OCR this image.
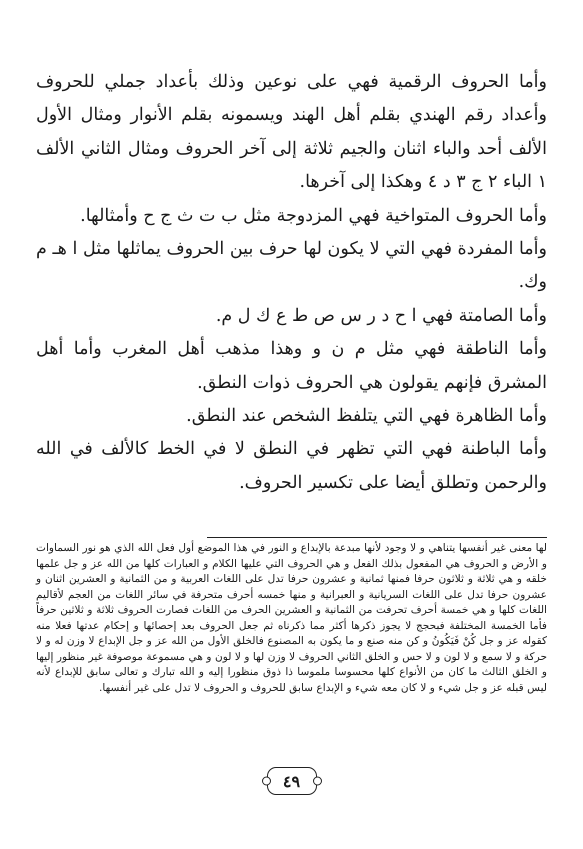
وأما الحروف الرقمية فهي على نوعين وذلك بأعداد جملي للحروف وأعداد رقم الهندي بقلم أهل الهند ويسمونه بقلم الأنوار ومثال الأول الألف أحد والباء اثنان والجيم ثلاثة إلى آخر الحروف ومثال الثاني الألف ١ الباء ٢ ج ٣ د ٤ وهكذا إلى آخرها.

وأما الحروف المتواخية فهي المزدوجة مثل ب ت ث ج ح وأمثالها.

وأما المفردة فهي التي لا يكون لها حرف بين الحروف يماثلها مثل ا هـ م وك.

وأما الصامتة فهي ا ح د ر س ص ط ع ك ل م.

وأما الناطقة فهي مثل م ن و وهذا مذهب أهل المغرب وأما أهل المشرق فإنهم يقولون هي الحروف ذوات النطق.

وأما الظاهرة فهي التي يتلفظ الشخص عند النطق.

وأما الباطنة فهي التي تظهر في النطق لا في الخط كالألف في الله والرحمن وتطلق أيضا على تكسير الحروف.

لها معنى غير أنفسها يتناهي و لا وجود لأنها مبدعة بالإبداع و النور في هذا الموضع أول فعل الله الذي هو نور السماوات و الأرض و الحروف هي المفعول بذلك الفعل و هي الحروف التي عليها الكلام و العبارات كلها من الله عز و جل علمها خلقه و هي ثلاثة و ثلاثون حرفا فمنها ثمانية و عشرون حرفا تدل على اللغات العربية و من الثمانية و العشرين اثنان و عشرون حرفا تدل على اللغات السريانية و العبرانية و منها خمسه أحرف متحرفة في سائر اللغات من العجم لأقاليم اللغات كلها و هي خمسة أحرف تحرفت من الثمانية و العشرين الحرف من اللغات فصارت الحروف ثلاثة و ثلاثين حرفاً فأما الخمسة المختلفة فبحجج لا يجوز ذكرها أكثر مما ذكرناه ثم جعل الحروف بعد إحصائها و إحكام عدتها فعلا منه كقوله عز و جل كُنْ فَيَكُونُ و كن منه صنع و ما يكون به المصنوع فالخلق الأول من الله عز و جل الإبداع لا وزن له و لا حركة و لا سمع و لا لون و لا حس و الخلق الثاني الحروف لا وزن لها و لا لون و هي مسموعة موصوفة غير منظور إليها و الخلق الثالث ما كان من الأنواع كلها محسوسا ملموسا ذا ذوق منظورا إليه و الله تبارك و تعالى سابق للإبداع لأنه ليس قبله عز و جل شيء و لا كان معه شيء و الإبداع سابق للحروف و الحروف لا تدل على غير أنفسها.

٤٩
